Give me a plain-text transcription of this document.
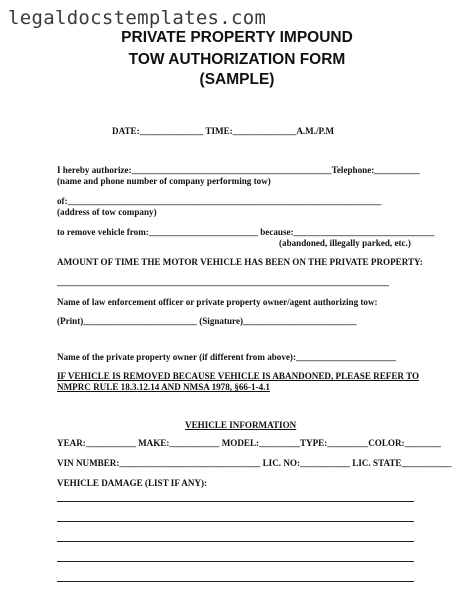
legaldocstemplates.com
PRIVATE PROPERTY IMPOUND
TOW AUTHORIZATION FORM
(SAMPLE)
DATE:______________ TIME:______________A.M./P.M
I hereby authorize:____________________________________________Telephone:__________
(name and phone number of company performing tow)
of:_____________________________________________________________________
(address of tow company)
to remove vehicle from:________________________ because:_______________________________
(abandoned, illegally parked, etc.)
AMOUNT OF TIME THE MOTOR VEHICLE HAS BEEN ON THE PRIVATE PROPERTY:
_________________________________________________________________________
Name of law enforcement officer or private property owner/agent authorizing tow:
(Print)_________________________ (Signature)_________________________
Name of the private property owner (if different from above):______________________
IF VEHICLE IS REMOVED BECAUSE VEHICLE IS ABANDONED, PLEASE REFER TO
NMPRC RULE 18.3.12.14 AND NMSA 1978, §66-1-4.1
VEHICLE INFORMATION
YEAR:___________ MAKE:___________ MODEL:_________TYPE:_________COLOR:________
VIN NUMBER:_______________________________ LIC. NO:___________ LIC. STATE___________
VEHICLE DAMAGE (LIST IF ANY):
